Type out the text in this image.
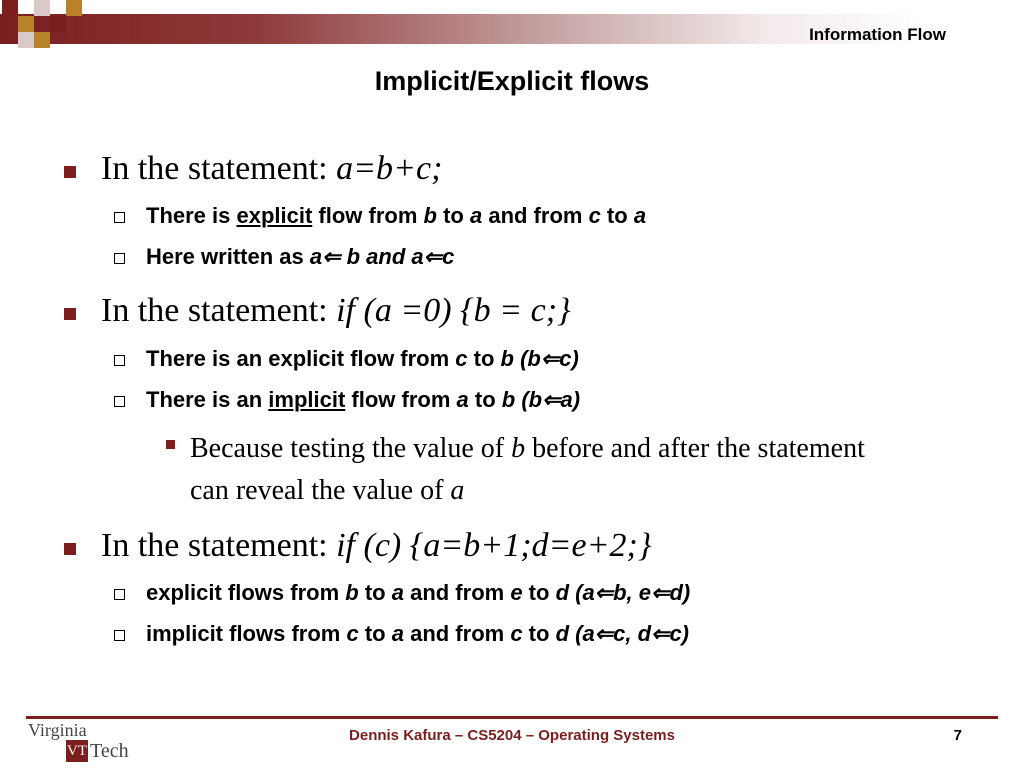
Information Flow
Implicit/Explicit flows
In the statement: a=b+c;
There is explicit flow from b to a and from c to a
Here written as a⇐ b and a⇐c
In the statement: if (a =0) {b = c;}
There is an explicit flow from c to b (b⇐c)
There is an implicit flow from a to b (b⇐a)
Because testing the value of b before and after the statement can reveal the value of a
In the statement: if (c) {a=b+1;d=e+2;}
explicit flows from b to a and from e to d (a⇐b, e⇐d)
implicit flows from c to a and from c to d (a⇐c, d⇐c)
Virginia
VT Tech
Dennis Kafura – CS5204 – Operating Systems	7
